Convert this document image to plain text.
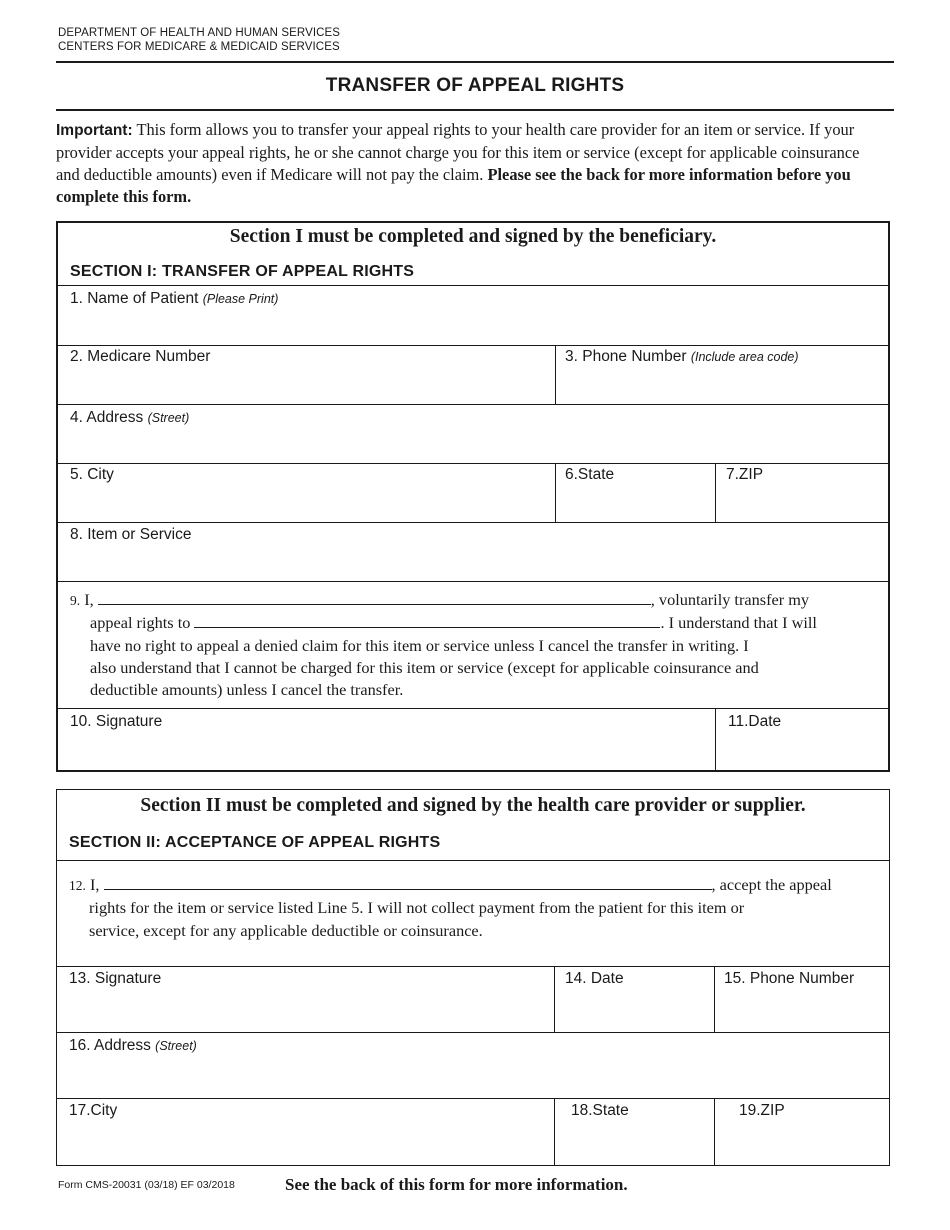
DEPARTMENT OF HEALTH AND HUMAN SERVICES
CENTERS FOR MEDICARE & MEDICAID SERVICES
TRANSFER OF APPEAL RIGHTS
Important: This form allows you to transfer your appeal rights to your health care provider for an item or service. If your provider accepts your appeal rights, he or she cannot charge you for this item or service (except for applicable coinsurance and deductible amounts) even if Medicare will not pay the claim. Please see the back for more information before you complete this form.
Section I must be completed and signed by the beneficiary.
SECTION I: TRANSFER OF APPEAL RIGHTS
1. Name of Patient (Please Print)
2. Medicare Number	3. Phone Number (Include area code)
4. Address (Street)
5. City	6.State	7.ZIP
8. Item or Service
9. I,	, voluntarily transfer my
appeal rights to	. I understand that I will
have no right to appeal a denied claim for this item or service unless I cancel the transfer in writing. I
also understand that I cannot be charged for this item or service (except for applicable coinsurance and
deductible amounts) unless I cancel the transfer.
10. Signature	11.Date
Section II must be completed and signed by the health care provider or supplier.
SECTION II: ACCEPTANCE OF APPEAL RIGHTS
12. I,	, accept the appeal
rights for the item or service listed Line 5. I will not collect payment from the patient for this item or
service, except for any applicable deductible or coinsurance.
13. Signature	14. Date	15. Phone Number
16. Address (Street)
17.City	18.State	19.ZIP
Form CMS-20031 (03/18) EF 03/2018	See the back of this form for more information.
